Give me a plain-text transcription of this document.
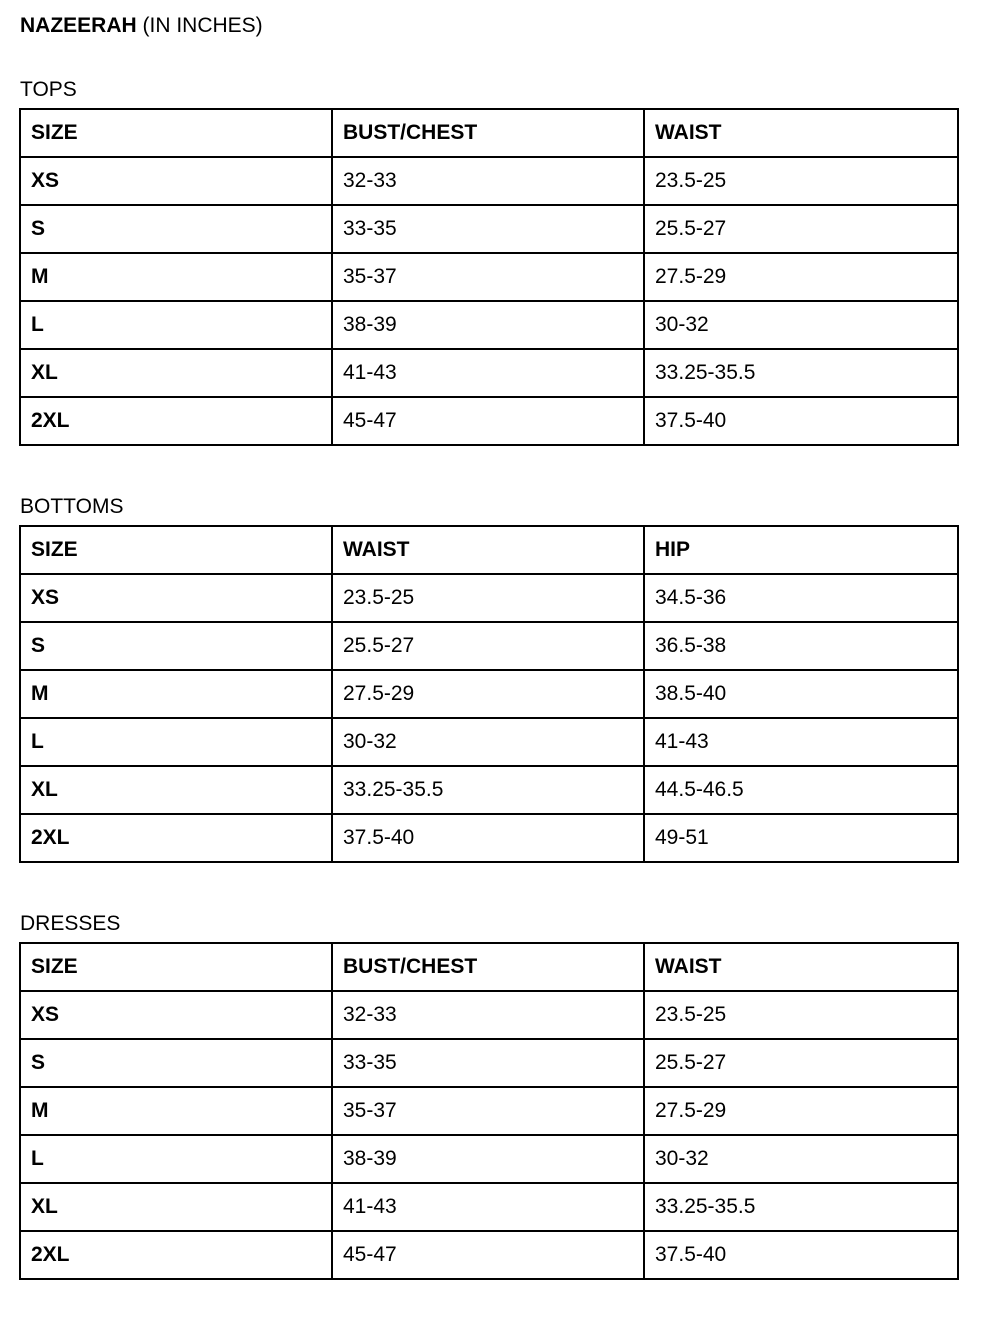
NAZEERAH (IN INCHES)
TOPS
SIZE	BUST/CHEST	WAIST
XS	32-33	23.5-25
S	33-35	25.5-27
M	35-37	27.5-29
L	38-39	30-32
XL	41-43	33.25-35.5
2XL	45-47	37.5-40
BOTTOMS
SIZE	WAIST	HIP
XS	23.5-25	34.5-36
S	25.5-27	36.5-38
M	27.5-29	38.5-40
L	30-32	41-43
XL	33.25-35.5	44.5-46.5
2XL	37.5-40	49-51
DRESSES
SIZE	BUST/CHEST	WAIST
XS	32-33	23.5-25
S	33-35	25.5-27
M	35-37	27.5-29
L	38-39	30-32
XL	41-43	33.25-35.5
2XL	45-47	37.5-40
